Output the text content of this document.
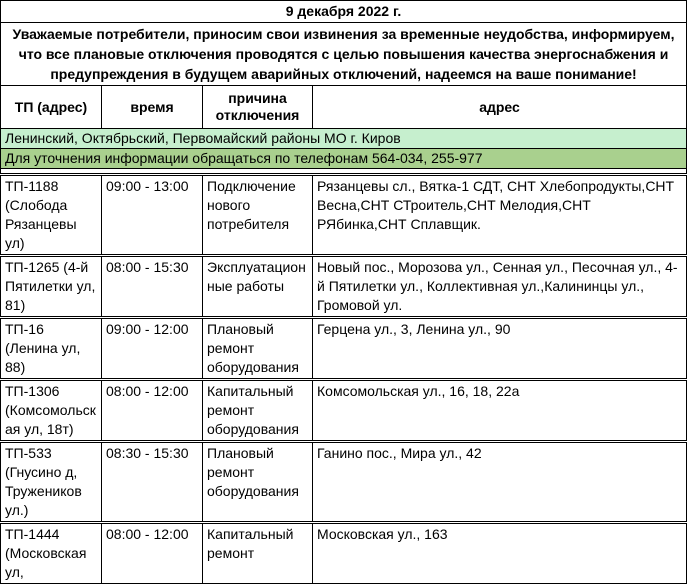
9 декабря 2022 г.			
Уважаемые потребители, приносим свои извинения за временные неудобства, информируем, что все плановые отключения проводятся с целью повышения качества энергоснабжения и предупреждения в будущем аварийных отключений, надеемся на ваше понимание!			
ТП (адрес)	время	причина отключения	адрес
Ленинский, Октябрьский, Первомайский районы МО г. Киров			
Для уточнения информации обращаться по телефонам 564-034, 255-977			

ТП-1188 (Слобода Рязанцевы ул)	09:00 - 13:00	Подключение нового потребителя	Рязанцевы сл., Вятка-1 СДТ, СНТ Хлебопродукты,СНТ Весна,СНТ СТроитель,СНТ Мелодия,СНТ РЯбинка,СНТ Сплавщик.
ТП-1265 (4-й Пятилетки ул, 81)	08:00 - 15:30	Эксплуатационные работы	Новый пос., Морозова ул., Сенная ул., Песочная ул., 4-й Пятилетки ул., Коллективная ул.,Калининцы ул., Громовой ул.
ТП-16 (Ленина ул, 88)	09:00 - 12:00	Плановый ремонт оборудования	Герцена ул., 3, Ленина ул., 90
ТП-1306 (Комсомольская ул, 18т)	08:00 - 12:00	Капитальный ремонт оборудования	Комсомольская ул., 16, 18, 22а
ТП-533 (Гнусино д, Тружеников ул.)	08:30 - 15:30	Плановый ремонт оборудования	Ганино пос., Мира ул., 42
ТП-1444 (Московская ул,	08:00 - 12:00	Капитальный ремонт	Московская ул., 163
